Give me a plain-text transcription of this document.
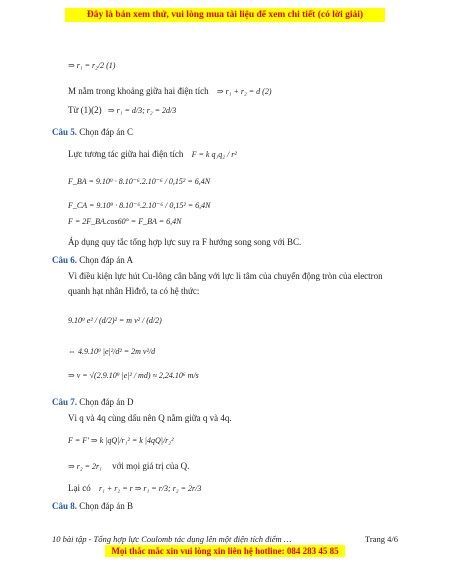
Đây là bản xem thử, vui lòng mua tài liệu để xem chi tiết (có lời giải)
⇒ r₁ = r₂/2 (1)
M nằm trong khoảng giữa hai điện tích ⇒ r₁ + r₂ = d (2)
Từ (1)(2) ⇒ r₁ = d/3; r₂ = 2d/3
Câu 5. Chọn đáp án C
Lực tương tác giữa hai điện tích F = k q₁q₂ / r²
F_BA = 9.10⁹ · 8.10⁻⁶.2.10⁻⁶ / 0,15² = 6,4N
F_CA = 9.10⁹ · 8.10⁻⁶.2.10⁻⁶ / 0,15² = 6,4N
F = 2F_BA.cos60° = F_BA = 6,4N
Áp dụng quy tắc tổng hợp lực suy ra F hướng song song với BC.
Câu 6. Chọn đáp án A
Vì điều kiện lực hút Cu-lông cân bằng với lực li tâm của chuyển động tròn của electron
quanh hạt nhân Hiđrô, ta có hệ thức:
9.10⁹ e² / (d/2)² = m v² / (d/2)
⇔ 4.9.10⁹ |e|²/d² = 2m v²/d
⇒ v = √(2.9.10⁹ |e|² / md) ≈ 2,24.10⁶ m/s
Câu 7. Chọn đáp án D
Vì q và 4q cùng dấu nên Q nằm giữa q và 4q.
F = F' ⇒ k |qQ|/r₁² = k |4qQ|/r₂²
⇒ r₂ = 2r₁ với mọi giá trị của Q.
Lại có r₁ + r₂ = r ⇒ r₁ = r/3; r₂ = 2r/3
Câu 8. Chọn đáp án B
10 bài tập - Tổng hợp lực Coulomb tác dụng lên một điện tích điểm …	Trang 4/6
Mọi thắc mắc xin vui lòng xin liên hệ hotline: 084 283 45 85
